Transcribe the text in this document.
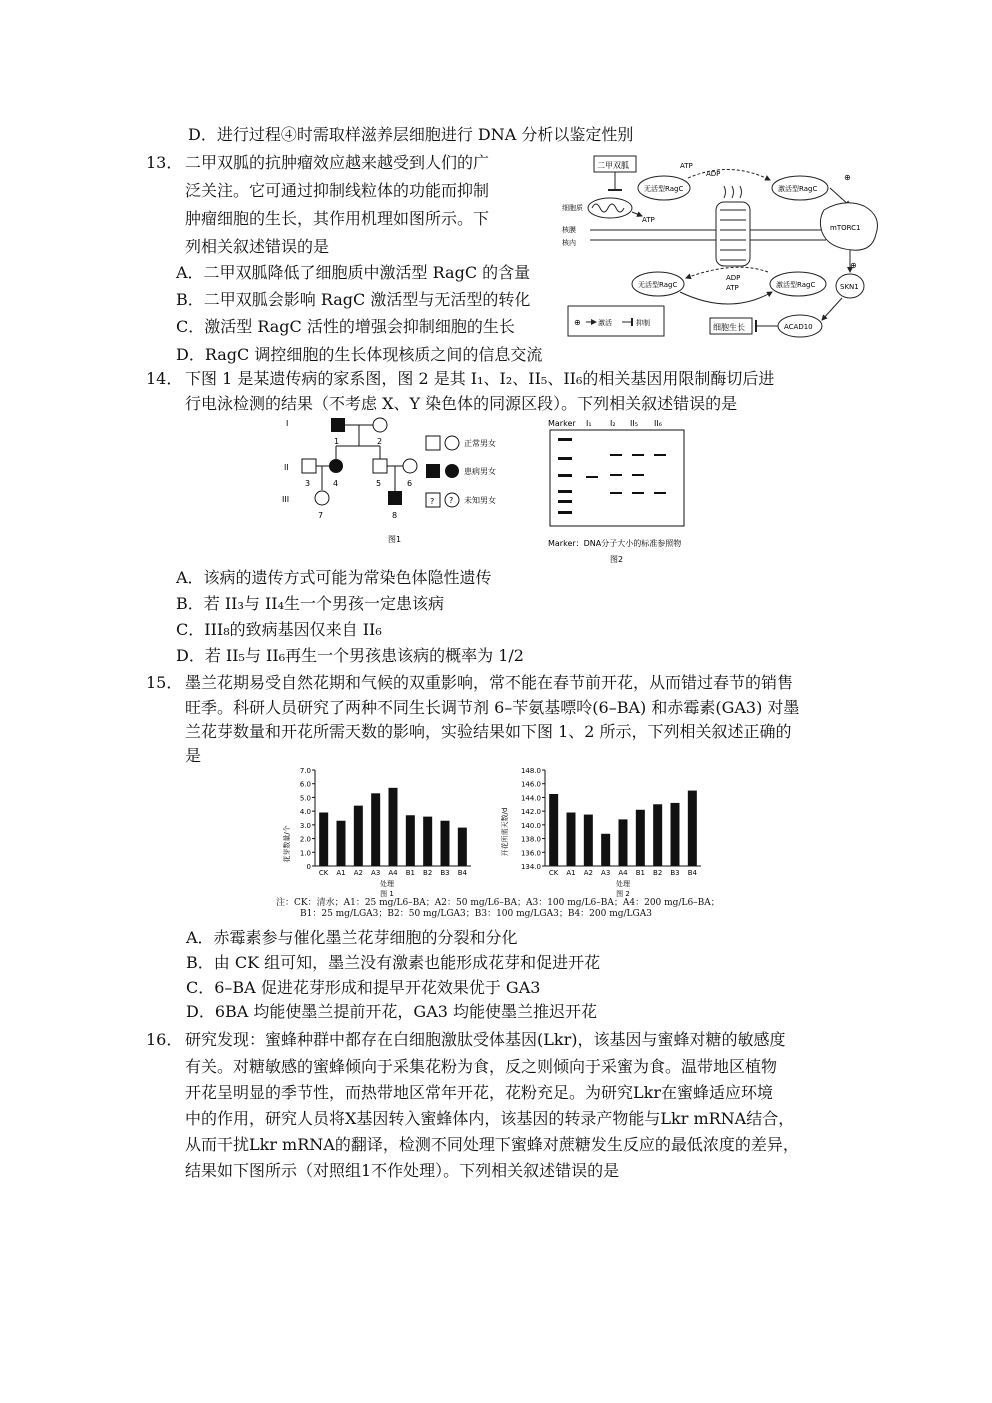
D．进行过程④时需取样滋养层细胞进行 DNA 分析以鉴定性别
13． 二甲双胍的抗肿瘤效应越来越受到人们的广
泛关注。它可通过抑制线粒体的功能而抑制
肿瘤细胞的生长，其作用机理如图所示。下
列相关叙述错误的是
A．二甲双胍降低了细胞质中激活型 RagC 的含量
B．二甲双胍会影响 RagC 激活型与无活型的转化
C．激活型 RagC 活性的增强会抑制细胞的生长
D．RagC 调控细胞的生长体现核质之间的信息交流
二甲双胍
细胞质
ATP
核膜
核内
无活型RagC	激活型RagC
ATP
ADP
无活型RagC	激活型RagC
ADP
ATP
⊕
mTORC1
⊕
SKN1
ACAD10
细胞生长
⊕ 激活	抑制
14． 下图 1 是某遗传病的家系图，图 2 是其 I₁、I₂、II₅、II₆的相关基因用限制酶切后进
行电泳检测的结果（不考虑 X、Y 染色体的同源区段）。下列相关叙述错误的是
I
II
III
1	2
3	4
7
5	6
8
正常男女
患病男女
? ? 未知男女
图1
Marker I₁ I₂ II₅ II₆
Marker：DNA分子大小的标准参照物
图2
A．该病的遗传方式可能为常染色体隐性遗传
B．若 II₃与 II₄生一个男孩一定患该病
C．III₈的致病基因仅来自 II₆
D．若 II₅与 II₆再生一个男孩患该病的概率为 1/2
15． 墨兰花期易受自然花期和气候的双重影响，常不能在春节前开花，从而错过春节的销售
旺季。科研人员研究了两种不同生长调节剂 6–苄氨基嘌呤(6–BA) 和赤霉素(GA3) 对墨
兰花芽数量和开花所需天数的影响，实验结果如下图 1、2 所示，下列相关叙述正确的
是
花芽数量/个
处理
图 1
0
1.0
2.0
3.0
4.0
5.0
6.0
7.0
CK A1 A2 A3 A4 B1 B2 B3 B4
开花所需天数/d
处理
图 2
134.0
136.0
138.0
140.0
142.0
144.0
146.0
148.0
CK A1 A2 A3 A4 B1 B2 B3 B4
注：CK：清水；A1：25 mg/L6–BA；A2：50 mg/L6–BA；A3：100 mg/L6–BA；A4：200 mg/L6–BA；
B1：25 mg/LGA3；B2：50 mg/LGA3；B3：100 mg/LGA3；B4：200 mg/LGA3
A．赤霉素参与催化墨兰花芽细胞的分裂和分化
B．由 CK 组可知，墨兰没有激素也能形成花芽和促进开花
C．6–BA 促进花芽形成和提早开花效果优于 GA3
D．6BA 均能使墨兰提前开花，GA3 均能使墨兰推迟开花
16． 研究发现：蜜蜂种群中都存在白细胞激肽受体基因(Lkr)，该基因与蜜蜂对糖的敏感度
有关。对糖敏感的蜜蜂倾向于采集花粉为食，反之则倾向于采蜜为食。温带地区植物
开花呈明显的季节性，而热带地区常年开花，花粉充足。为研究Lkr在蜜蜂适应环境
中的作用，研究人员将X基因转入蜜蜂体内，该基因的转录产物能与Lkr mRNA结合，
从而干扰Lkr mRNA的翻译，检测不同处理下蜜蜂对蔗糖发生反应的最低浓度的差异，
结果如下图所示（对照组1不作处理）。下列相关叙述错误的是
